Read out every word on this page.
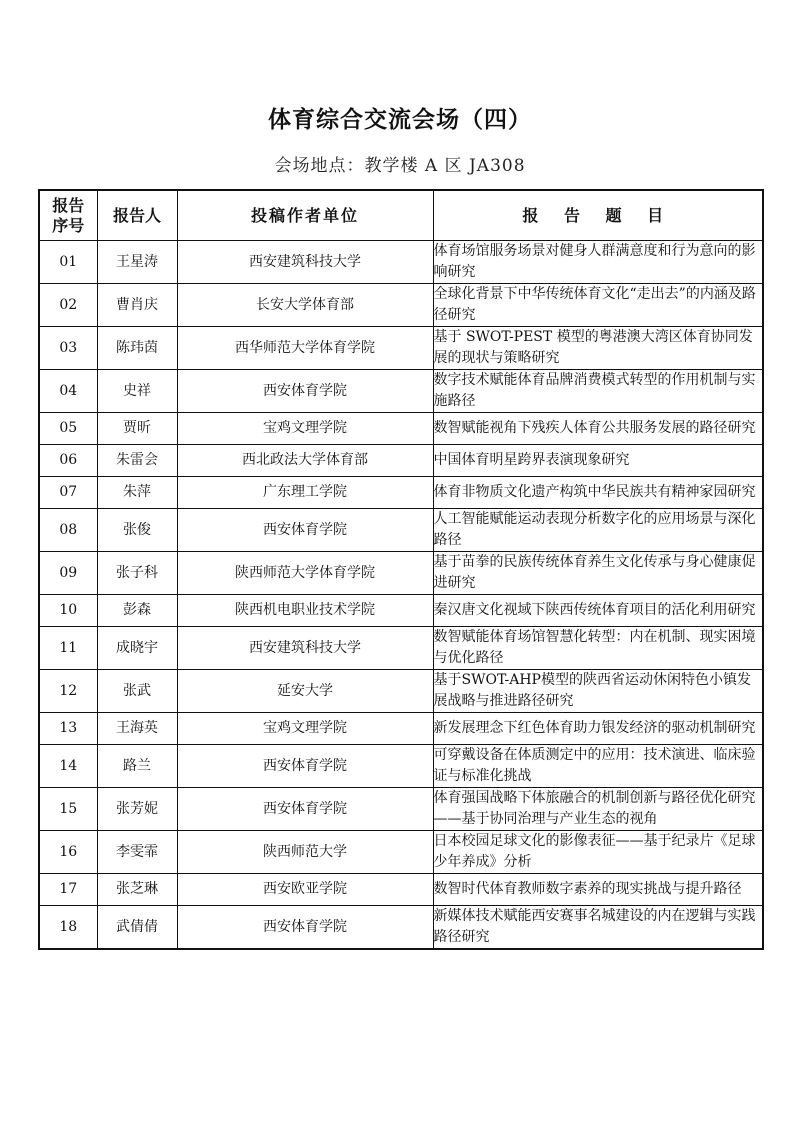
体育综合交流会场（四）
会场地点：教学楼 A 区 JA308
报告
序号	报告人	投稿作者单位	报 告 题 目
01	王星涛	西安建筑科技大学	体育场馆服务场景对健身人群满意度和行为意向的影响研究
02	曹肖庆	长安大学体育部	全球化背景下中华传统体育文化“走出去”的内涵及路径研究
03	陈玮茵	西华师范大学体育学院	基于 SWOT-PEST 模型的粤港澳大湾区体育协同发展的现状与策略研究
04	史祥	西安体育学院	数字技术赋能体育品牌消费模式转型的作用机制与实施路径
05	贾昕	宝鸡文理学院	数智赋能视角下残疾人体育公共服务发展的路径研究
06	朱雷会	西北政法大学体育部	中国体育明星跨界表演现象研究
07	朱萍	广东理工学院	体育非物质文化遗产构筑中华民族共有精神家园研究
08	张俊	西安体育学院	人工智能赋能运动表现分析数字化的应用场景与深化路径
09	张子科	陕西师范大学体育学院	基于苗拳的民族传统体育养生文化传承与身心健康促进研究
10	彭森	陕西机电职业技术学院	秦汉唐文化视域下陕西传统体育项目的活化利用研究
11	成晓宇	西安建筑科技大学	数智赋能体育场馆智慧化转型：内在机制、现实困境与优化路径
12	张武	延安大学	基于SWOT-AHP模型的陕西省运动休闲特色小镇发展战略与推进路径研究
13	王海英	宝鸡文理学院	新发展理念下红色体育助力银发经济的驱动机制研究
14	路兰	西安体育学院	可穿戴设备在体质测定中的应用：技术演进、临床验证与标准化挑战
15	张芳妮	西安体育学院	体育强国战略下体旅融合的机制创新与路径优化研究——基于协同治理与产业生态的视角
16	李雯霏	陕西师范大学	日本校园足球文化的影像表征——基于纪录片《足球少年养成》分析
17	张芝琳	西安欧亚学院	数智时代体育教师数字素养的现实挑战与提升路径
18	武倩倩	西安体育学院	新媒体技术赋能西安赛事名城建设的内在逻辑与实践路径研究
